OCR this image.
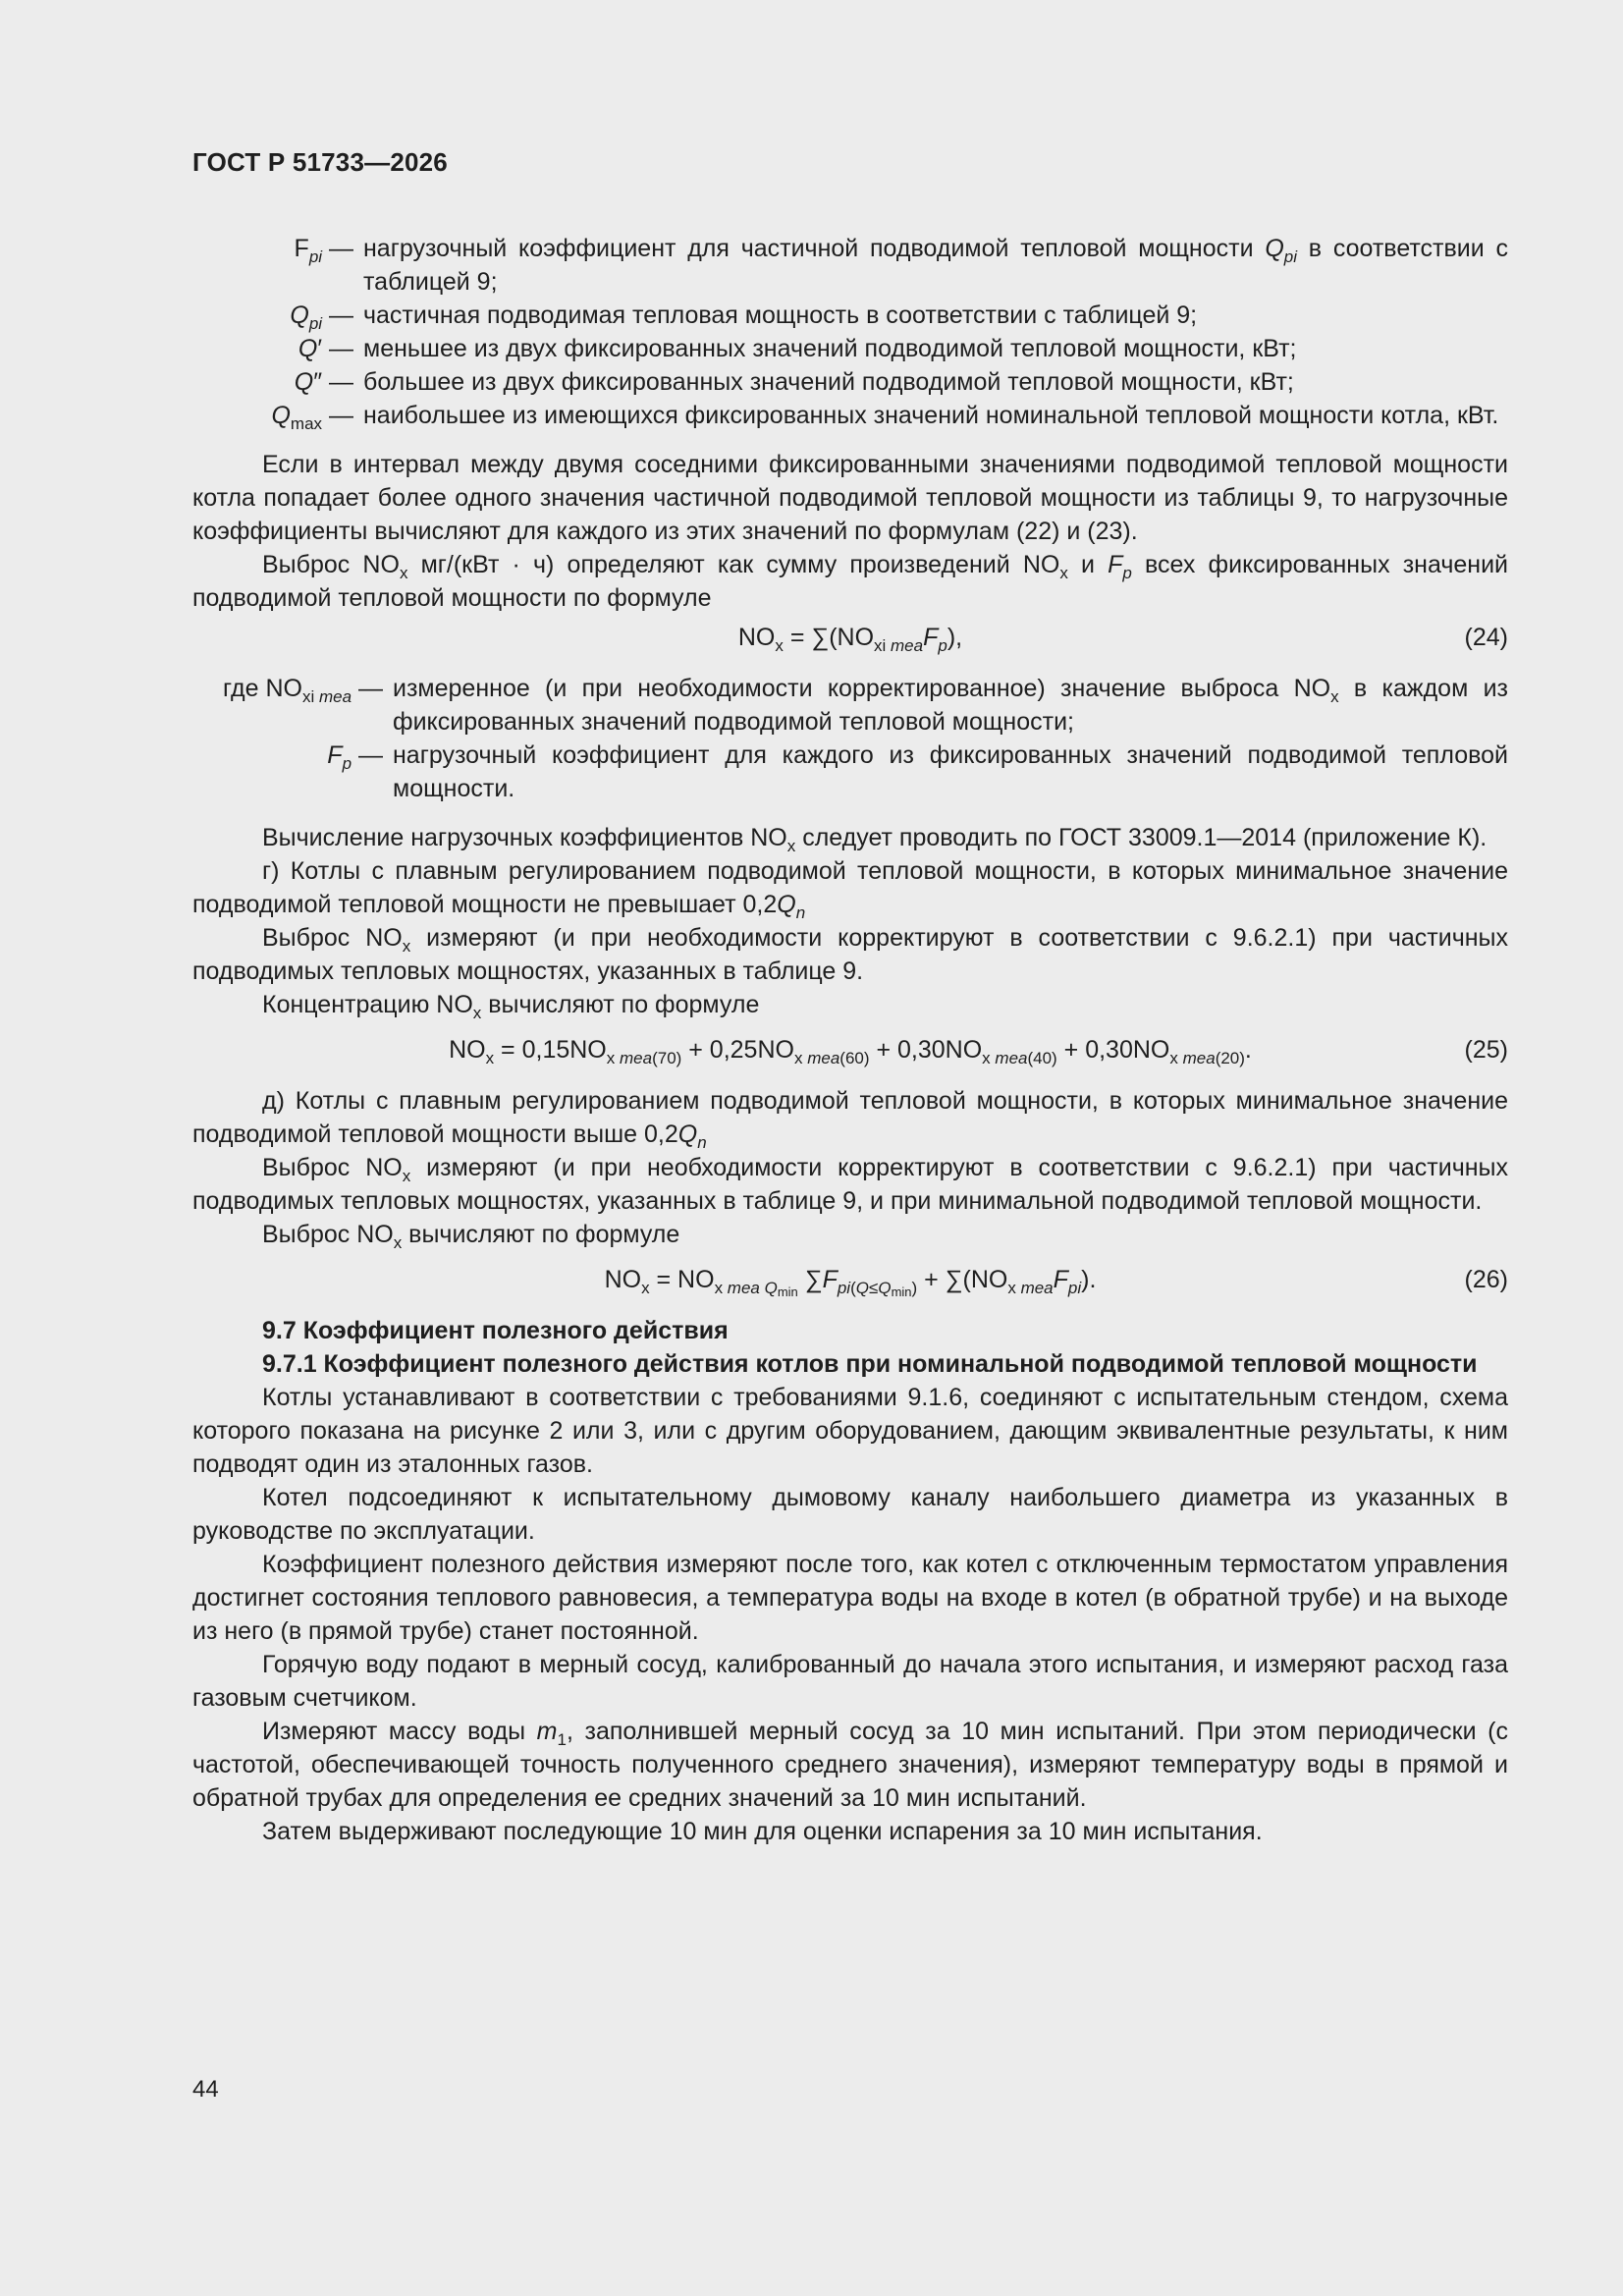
ГОСТ Р 51733—2026
$F_{pi}$ — нагрузочный коэффициент для частичной подводимой тепловой мощности $Q_{pi}$ в соответствии с таблицей 9;
$Q_{pi}$ — частичная подводимая тепловая мощность в соответствии с таблицей 9;
Q′ — меньшее из двух фиксированных значений подводимой тепловой мощности, кВт;
Q″ — большее из двух фиксированных значений подводимой тепловой мощности, кВт;
$Q_{max}$ — наибольшее из имеющихся фиксированных значений номинальной тепловой мощности котла, кВт.

Если в интервал между двумя соседними фиксированными значениями подводимой тепловой мощности котла попадает более одного значения частичной подводимой тепловой мощности из таблицы 9, то нагрузочные коэффициенты вычисляют для каждого из этих значений по формулам (22) и (23).

Выброс $NO_x$ мг/(кВт · ч) определяют как сумму произведений $NO_x$ и $F_p$ всех фиксированных значений подводимой тепловой мощности по формуле

$NO_x = \sum(NO_{xi mea}F_p)$,	(24)
где $NO_{xi mea}$ — измеренное (и при необходимости корректированное) значение выброса $NO_x$ в каждом из фиксированных значений подводимой тепловой мощности;
$F_p$ — нагрузочный коэффициент для каждого из фиксированных значений подводимой тепловой мощности.

Вычисление нагрузочных коэффициентов $NO_x$ следует проводить по ГОСТ 33009.1—2014 (приложение К).

г) Котлы с плавным регулированием подводимой тепловой мощности, в которых минимальное значение подводимой тепловой мощности не превышает $0,2Q_n$

Выброс $NO_x$ измеряют (и при необходимости корректируют в соответствии с 9.6.2.1) при частичных подводимых тепловых мощностях, указанных в таблице 9.

Концентрацию $NO_x$ вычисляют по формуле

$NO_x = 0,15NO_{x mea(70)} + 0,25NO_{x mea(60)} + 0,30NO_{x mea(40)} + 0,30NO_{x mea(20)}$.	(25)

д) Котлы с плавным регулированием подводимой тепловой мощности, в которых минимальное значение подводимой тепловой мощности выше $0,2Q_n$

Выброс $NO_x$ измеряют (и при необходимости корректируют в соответствии с 9.6.2.1) при частичных подводимых тепловых мощностях, указанных в таблице 9, и при минимальной подводимой тепловой мощности.

Выброс $NO_x$ вычисляют по формуле

$NO_x = NO_{x mea Q_{min}}$ $\sum F_{pi(Q\le Q_{min})} + \sum(NO_{x mea}F_{pi})$.	(26)

9.7 Коэффициент полезного действия

9.7.1 Коэффициент полезного действия котлов при номинальной подводимой тепловой мощности

Котлы устанавливают в соответствии с требованиями 9.1.6, соединяют с испытательным стендом, схема которого показана на рисунке 2 или 3, или с другим оборудованием, дающим эквивалентные результаты, к ним подводят один из эталонных газов.

Котел подсоединяют к испытательному дымовому каналу наибольшего диаметра из указанных в руководстве по эксплуатации.

Коэффициент полезного действия измеряют после того, как котел с отключенным термостатом управления достигнет состояния теплового равновесия, а температура воды на входе в котел (в обратной трубе) и на выходе из него (в прямой трубе) станет постоянной.

Горячую воду подают в мерный сосуд, калиброванный до начала этого испытания, и измеряют расход газа газовым счетчиком.

Измеряют массу воды $m_1$, заполнившей мерный сосуд за 10 мин испытаний. При этом периодически (с частотой, обеспечивающей точность полученного среднего значения), измеряют температуру воды в прямой и обратной трубах для определения ее средних значений за 10 мин испытаний.

Затем выдерживают последующие 10 мин для оценки испарения за 10 мин испытания.

44
